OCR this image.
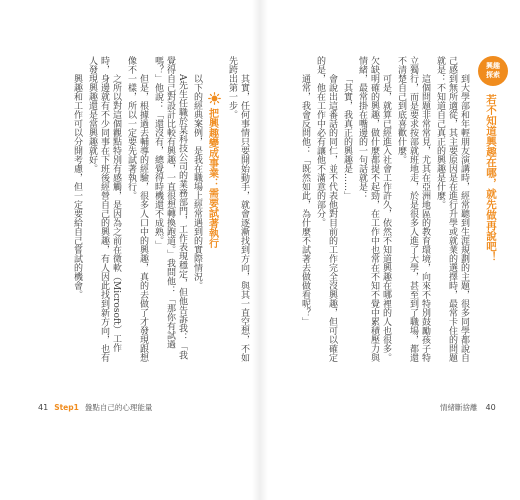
其實，任何事情只要開始動手，就會逐漸找到方向，與其一直空想，不如先跨出第一步。

把興趣變成事業：需要試著執行

以下的經典案例，是我在職場上經常遇到的實際情況。

A先生任職於某科技公司的業務部門，工作表現穩定，但他告訴我：「我覺得自己對設計比較有興趣，一直很想轉換跑道。」我問他：「那你有試過嗎？」他說：「還沒有，總覺得時機還不成熟。」

但是，根據過去輔導的經驗，很多人口中的興趣，真的去做了才發現跟想像不一樣，所以一定要先試著執行。

之所以對這個觀點特別有感觸，是因為之前在微軟（Microsoft）工作時，身邊就有不少同事在下班後經營自己的興趣，有人因此找到新方向，也有人發現興趣還是當興趣就好。

興趣和工作可以分開考慮，但一定要給自己嘗試的機會。

41 Step1 盤點自己的心理能量
興趣
探索
若不知道興趣在哪，就先做再說吧！

到大學部和年輕朋友演講時，經常聽到生涯規劃的主題，很多同學都說自己感到無所適從，其主要原因是在進行升學或就業的選擇時，最常卡住的問題就是：不知道自己真正的興趣是什麼。

這個問題非常常見，尤其在亞洲地區的教育環境，向來不特別鼓勵孩子特立獨行，而是要求按部就班地走，於是很多人進了大學，甚至到了職場，都還不清楚自己到底喜歡什麼。

可是，就算已經進入社會工作許久，依然不知道興趣在哪裡的人也很多。欠缺明確的興趣，做什麼都提不起勁，在工作中也常在不知不覺中累積壓力與情緒，最常掛在嘴邊的一句話就是：

「其實，我真正的興趣是……」

會說出這番話的同仁，並不代表他對目前的工作完全沒興趣，但可以確定的是，他在工作中必有讓他不滿意的部分。

通常，我會反問他：「既然如此，為什麼不試著去做做看呢？」

情緒斷捨離 40
